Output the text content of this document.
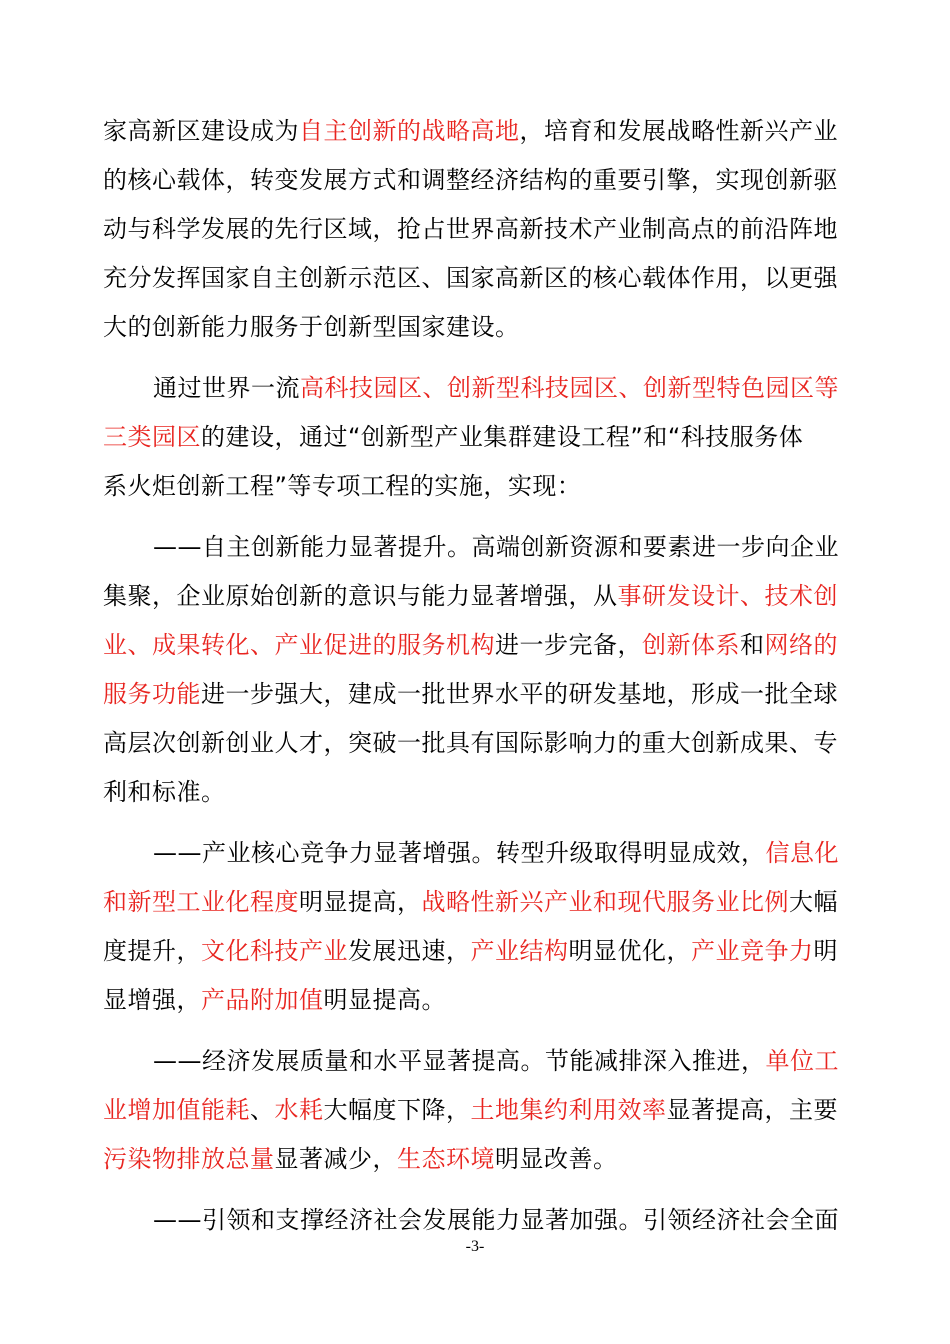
家高新区建设成为自主创新的战略高地，培育和发展战略性新兴产业
的核心载体，转变发展方式和调整经济结构的重要引擎，实现创新驱
动与科学发展的先行区域，抢占世界高新技术产业制高点的前沿阵地
充分发挥国家自主创新示范区、国家高新区的核心载体作用，以更强
大的创新能力服务于创新型国家建设。
通过世界一流高科技园区、创新型科技园区、创新型特色园区等
三类园区的建设，通过“创新型产业集群建设工程”和“科技服务体
系火炬创新工程”等专项工程的实施，实现：
——自主创新能力显著提升。高端创新资源和要素进一步向企业
集聚，企业原始创新的意识与能力显著增强，从事研发设计、技术创
业、成果转化、产业促进的服务机构进一步完备，创新体系和网络的
服务功能进一步强大，建成一批世界水平的研发基地，形成一批全球
高层次创新创业人才，突破一批具有国际影响力的重大创新成果、专
利和标准。
——产业核心竞争力显著增强。转型升级取得明显成效，信息化
和新型工业化程度明显提高，战略性新兴产业和现代服务业比例大幅
度提升，文化科技产业发展迅速，产业结构明显优化，产业竞争力明
显增强，产品附加值明显提高。
——经济发展质量和水平显著提高。节能减排深入推进，单位工
业增加值能耗、水耗大幅度下降，土地集约利用效率显著提高，主要
污染物排放总量显著减少，生态环境明显改善。
——引领和支撑经济社会发展能力显著加强。引领经济社会全面
-3-
